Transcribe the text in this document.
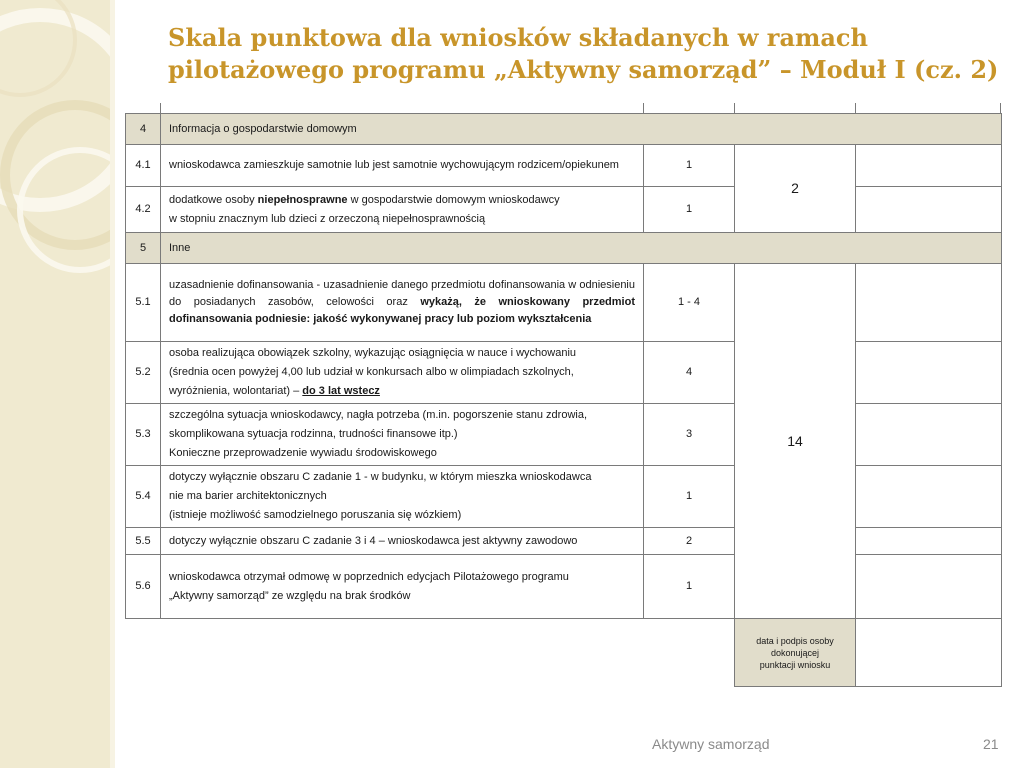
Skala punktowa dla wniosków składanych w ramach pilotażowego programu „Aktywny samorząd” – Moduł I (cz. 2)
4	Informacja o gospodarstwie domowym			
4.1	wnioskodawca zamieszkuje samotnie lub jest samotnie wychowującym rodzicem/opiekunem	1	2	
4.2	dodatkowe osoby niepełnosprawne w gospodarstwie domowym wnioskodawcy
w stopniu znacznym lub dzieci z orzeczoną niepełnosprawnością	1		
5	Inne			
5.1	uzasadnienie dofinansowania - uzasadnienie danego przedmiotu dofinansowania w odniesieniu do posiadanych zasobów, celowości oraz wykażą, że wnioskowany przedmiot dofinansowania podniesie: jakość wykonywanej pracy lub poziom wykształcenia	1 - 4	14	
5.2	osoba realizująca obowiązek szkolny, wykazując osiągnięcia w nauce i wychowaniu
(średnia ocen powyżej 4,00 lub udział w konkursach albo w olimpiadach szkolnych,
wyróżnienia, wolontariat) – do 3 lat wstecz	4		
5.3	szczególna sytuacja wnioskodawcy, nagła potrzeba (m.in. pogorszenie stanu zdrowia,
skomplikowana sytuacja rodzinna, trudności finansowe itp.)
Konieczne przeprowadzenie wywiadu środowiskowego	3		
5.4	dotyczy wyłącznie obszaru C zadanie 1 - w budynku, w którym mieszka wnioskodawca
nie ma barier architektonicznych
(istnieje możliwość samodzielnego poruszania się wózkiem)	1		
5.5	dotyczy wyłącznie obszaru C zadanie 3 i 4 – wnioskodawca jest aktywny zawodowo	2		
5.6	wnioskodawca otrzymał odmowę w poprzednich edycjach Pilotażowego programu
„Aktywny samorząd” ze względu na brak środków	1		
			data i podpis osoby dokonującej
punktacji wniosku	
Aktywny samorząd	21
